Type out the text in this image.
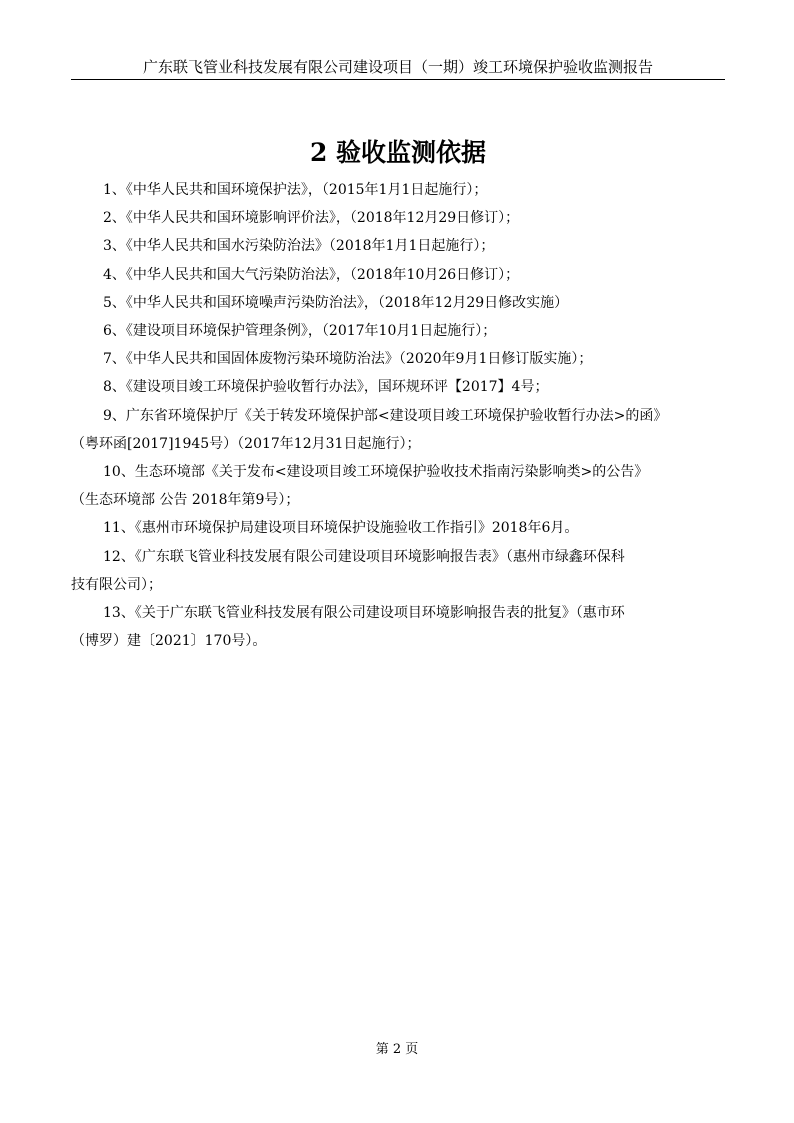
广东联飞管业科技发展有限公司建设项目（一期）竣工环境保护验收监测报告
2 验收监测依据
1、《中华人民共和国环境保护法》，（2015年1月1日起施行）；
2、《中华人民共和国环境影响评价法》，（2018年12月29日修订）；
3、《中华人民共和国水污染防治法》（2018年1月1日起施行）；
4、《中华人民共和国大气污染防治法》，（2018年10月26日修订）；
5、《中华人民共和国环境噪声污染防治法》，（2018年12月29日修改实施）
6、《建设项目环境保护管理条例》，（2017年10月1日起施行）；
7、《中华人民共和国固体废物污染环境防治法》（2020年9月1日修订版实施）；
8、《建设项目竣工环境保护验收暂行办法》，国环规环评【2017】4号；
9、广东省环境保护厅《关于转发环境保护部<建设项目竣工环境保护验收暂行办法>的函》
（粤环函[2017]1945号）（2017年12月31日起施行）；
10、生态环境部《关于发布<建设项目竣工环境保护验收技术指南污染影响类>的公告》
（生态环境部 公告 2018年第9号）；
11、《惠州市环境保护局建设项目环境保护设施验收工作指引》2018年6月。
12、《广东联飞管业科技发展有限公司建设项目环境影响报告表》（惠州市绿鑫环保科
技有限公司）；
13、《关于广东联飞管业科技发展有限公司建设项目环境影响报告表的批复》（惠市环
（博罗）建〔2021〕170号）。
第 2 页
